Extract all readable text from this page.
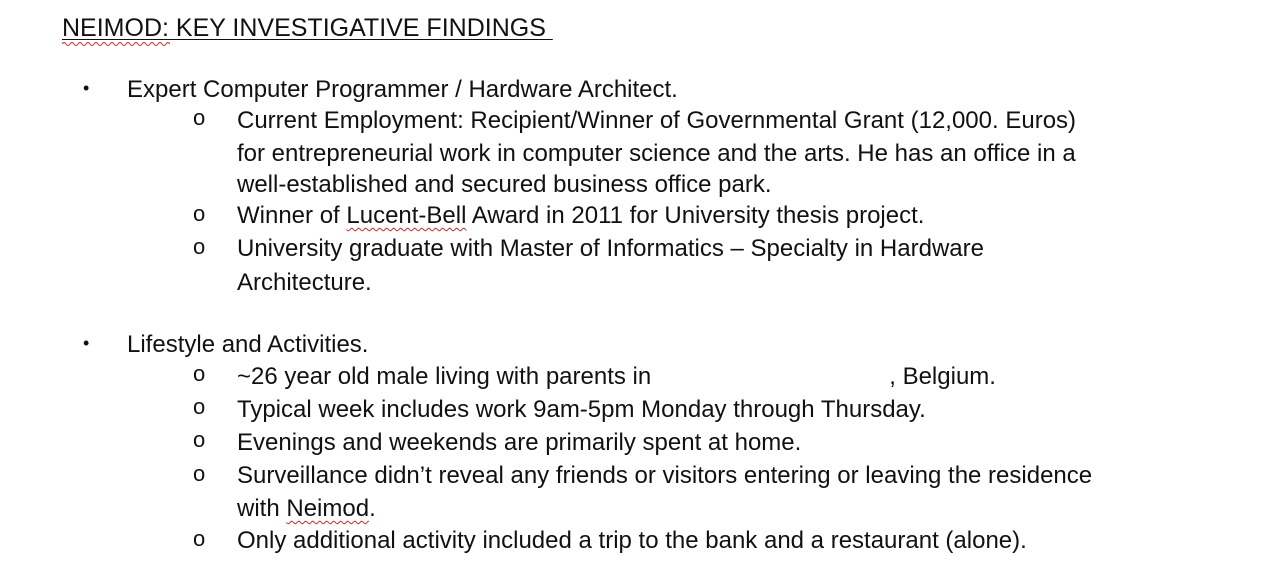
NEIMOD: KEY INVESTIGATIVE FINDINGS
• Expert Computer Programmer / Hardware Architect.
o Current Employment: Recipient/Winner of Governmental Grant (12,000. Euros)
for entrepreneurial work in computer science and the arts. He has an office in a
well-established and secured business office park.
o Winner of Lucent-Bell Award in 2011 for University thesis project.
o University graduate with Master of Informatics – Specialty in Hardware
Architecture.
• Lifestyle and Activities.
o ~26 year old male living with parents in	, Belgium.
o Typical week includes work 9am-5pm Monday through Thursday.
o Evenings and weekends are primarily spent at home.
o Surveillance didn’t reveal any friends or visitors entering or leaving the residence
with Neimod.
o Only additional activity included a trip to the bank and a restaurant (alone).
